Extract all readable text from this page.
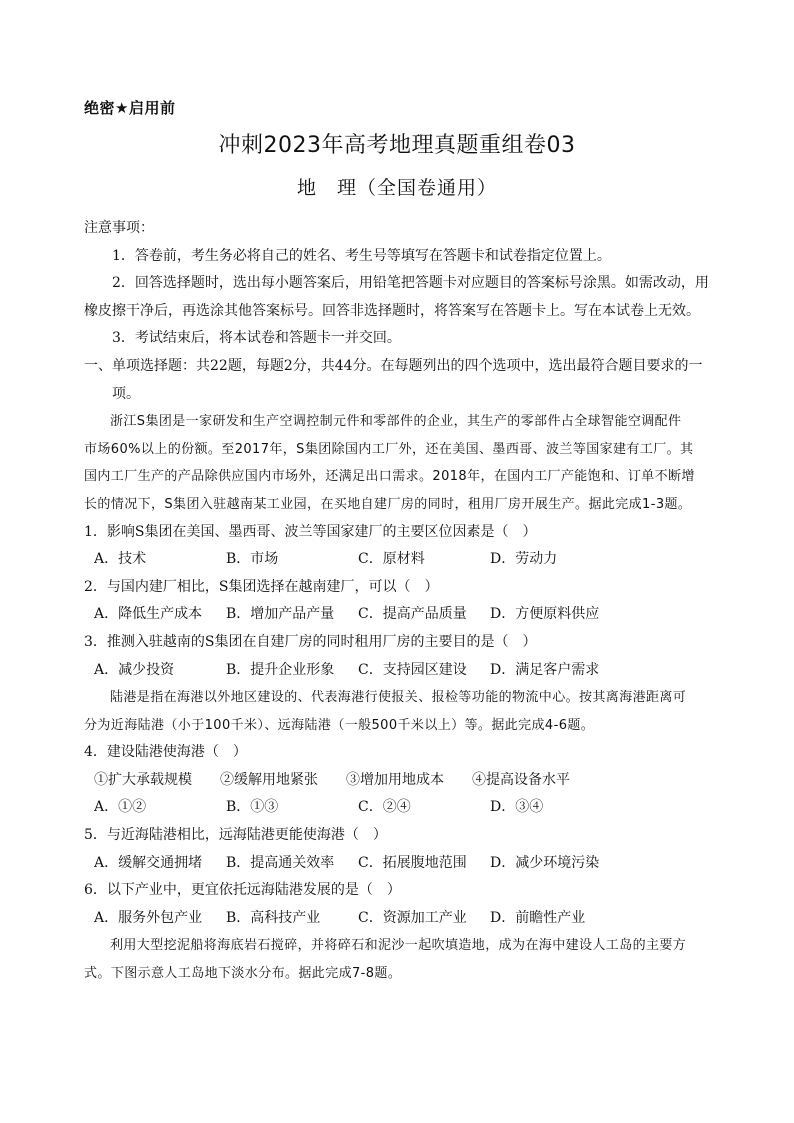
绝密★启用前
冲刺2023年高考地理真题重组卷03
地　理（全国卷通用）

注意事项：

1．答卷前，考生务必将自己的姓名、考生号等填写在答题卡和试卷指定位置上。

2．回答选择题时，选出每小题答案后，用铅笔把答题卡对应题目的答案标号涂黑。如需改动，用

橡皮擦干净后，再选涂其他答案标号。回答非选择题时，将答案写在答题卡上。写在本试卷上无效。

3．考试结束后，将本试卷和答题卡一并交回。

一、单项选择题：共22题，每题2分，共44分。在每题列出的四个选项中，选出最符合题目要求的一

项。

浙江S集团是一家研发和生产空调控制元件和零部件的企业，其生产的零部件占全球智能空调配件

市场60%以上的份额。至2017年，S集团除国内工厂外，还在美国、墨西哥、波兰等国家建有工厂。其

国内工厂生产的产品除供应国内市场外，还满足出口需求。2018年，在国内工厂产能饱和、订单不断增

长的情况下，S集团入驻越南某工业园，在买地自建厂房的同时，租用厂房开展生产。据此完成1-3题。

1．影响S集团在美国、墨西哥、波兰等国家建厂的主要区位因素是（　）

A．技术	B．市场	C．原材料	D．劳动力

2．与国内建厂相比，S集团选择在越南建厂，可以（　）

A．降低生产成本	B．增加产品产量	C．提高产品质量	D．方便原料供应

3．推测入驻越南的S集团在自建厂房的同时租用厂房的主要目的是（　）

A．减少投资	B．提升企业形象	C．支持园区建设	D．满足客户需求

陆港是指在海港以外地区建设的、代表海港行使报关、报检等功能的物流中心。按其离海港距离可

分为近海陆港（小于100千米）、远海陆港（一般500千米以上）等。据此完成4-6题。

4．建设陆港使海港（　）

①扩大承载规模	②缓解用地紧张	③增加用地成本	④提高设备水平
A．①②	B．①③	C．②④	D．③④

5．与近海陆港相比，远海陆港更能使海港（　）

A．缓解交通拥堵	B．提高通关效率	C．拓展腹地范围	D．减少环境污染

6．以下产业中，更宜依托远海陆港发展的是（　）

A．服务外包产业	B．高科技产业	C．资源加工产业	D．前瞻性产业

利用大型挖泥船将海底岩石搅碎，并将碎石和泥沙一起吹填造地，成为在海中建设人工岛的主要方

式。下图示意人工岛地下淡水分布。据此完成7-8题。
